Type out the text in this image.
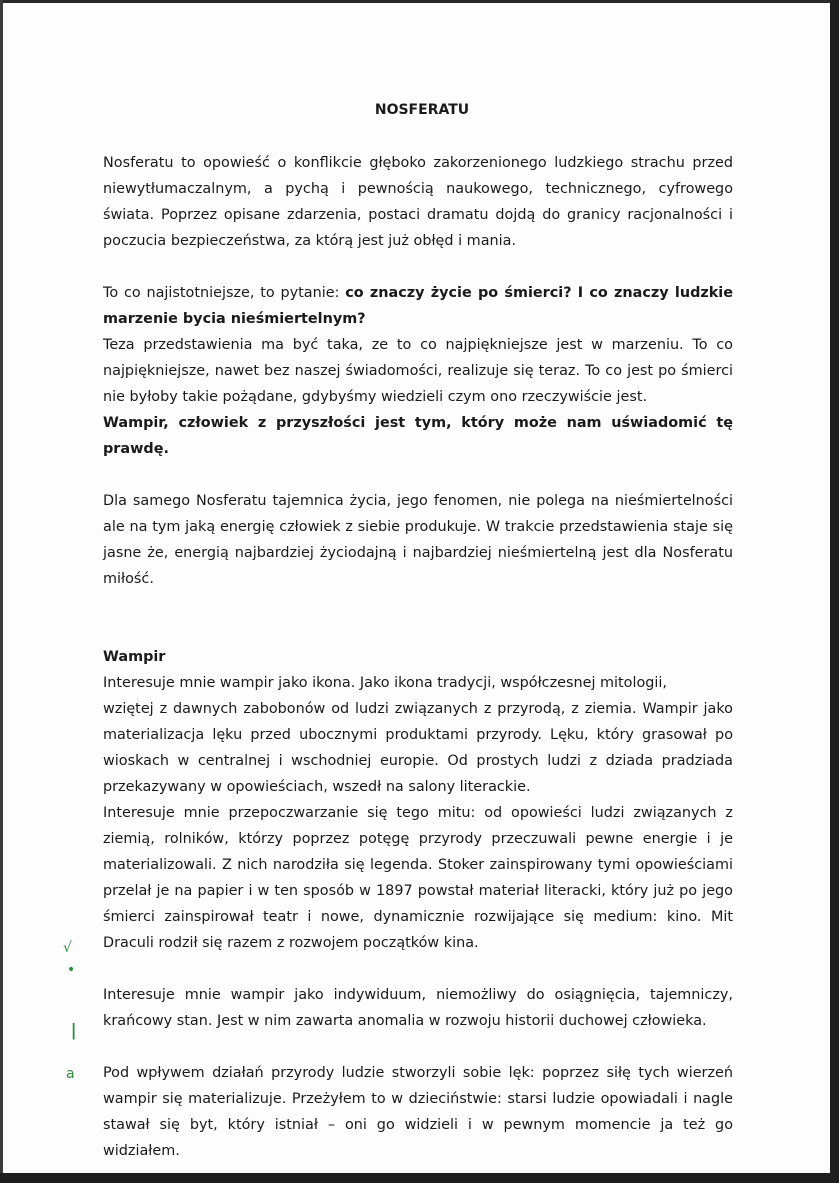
NOSFERATU

Nosferatu to opowieść o konflikcie głęboko zakorzenionego ludzkiego strachu przed niewytłumaczalnym, a pychą i pewnością naukowego, technicznego, cyfrowego świata. Poprzez opisane zdarzenia, postaci dramatu dojdą do granicy racjonalności i poczucia bezpieczeństwa, za którą jest już obłęd i mania.

To co najistotniejsze, to pytanie: co znaczy życie po śmierci? I co znaczy ludzkie marzenie bycia nieśmiertelnym?

Teza przedstawienia ma być taka, ze to co najpiękniejsze jest w marzeniu. To co najpiękniejsze, nawet bez naszej świadomości, realizuje się teraz. To co jest po śmierci nie byłoby takie pożądane, gdybyśmy wiedzieli czym ono rzeczywiście jest.

Wampir, człowiek z przyszłości jest tym, który może nam uświadomić tę prawdę.

Dla samego Nosferatu tajemnica życia, jego fenomen, nie polega na nieśmiertelności ale na tym jaką energię człowiek z siebie produkuje. W trakcie przedstawienia staje się jasne że, energią najbardziej życiodajną i najbardziej nieśmiertelną jest dla Nosferatu miłość.

Wampir

Interesuje mnie wampir jako ikona. Jako ikona tradycji, współczesnej mitologii,

wziętej z dawnych zabobonów od ludzi związanych z przyrodą, z ziemia. Wampir jako materializacja lęku przed ubocznymi produktami przyrody. Lęku, który grasował po wioskach w centralnej i wschodniej europie. Od prostych ludzi z dziada pradziada przekazywany w opowieściach, wszedł na salony literackie.

Interesuje mnie przepoczwarzanie się tego mitu: od opowieści ludzi związanych z ziemią, rolników, którzy poprzez potęgę przyrody przeczuwali pewne energie i je materializowali. Z nich narodziła się legenda. Stoker zainspirowany tymi opowieściami przelał je na papier i w ten sposób w 1897 powstał materiał literacki, który już po jego śmierci zainspirował teatr i nowe, dynamicznie rozwijające się medium: kino. Mit Draculi rodził się razem z rozwojem początków kina.

Interesuje mnie wampir jako indywiduum, niemożliwy do osiągnięcia, tajemniczy, krańcowy stan. Jest w nim zawarta anomalia w rozwoju historii duchowej człowieka.

Pod wpływem działań przyrody ludzie stworzyli sobie lęk: poprzez siłę tych wierzeń wampir się materializuje. Przeżyłem to w dzieciństwie: starsi ludzie opowiadali i nagle stawał się byt, który istniał – oni go widzieli i w pewnym momencie ja też go widziałem.

√
•
ǀ
a
